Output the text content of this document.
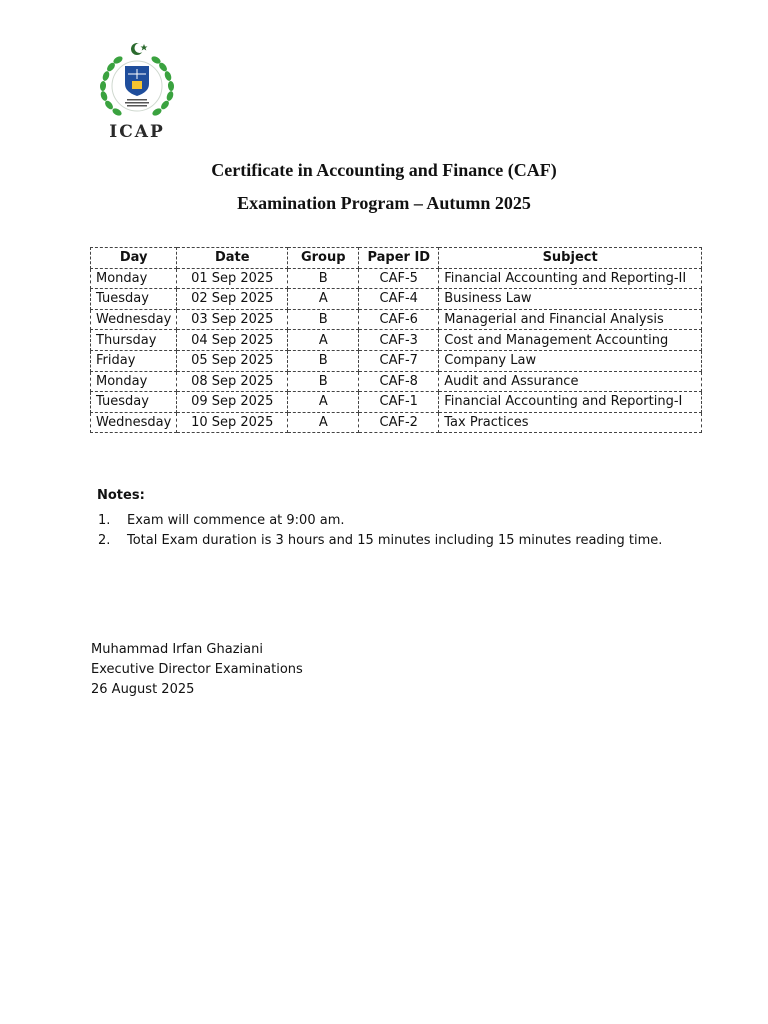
ICAP
Certificate in Accounting and Finance (CAF)
Examination Program – Autumn 2025
Day	Date	Group	Paper ID	Subject
Monday	01 Sep 2025	B	CAF-5	Financial Accounting and Reporting-II
Tuesday	02 Sep 2025	A	CAF-4	Business Law
Wednesday	03 Sep 2025	B	CAF-6	Managerial and Financial Analysis
Thursday	04 Sep 2025	A	CAF-3	Cost and Management Accounting
Friday	05 Sep 2025	B	CAF-7	Company Law
Monday	08 Sep 2025	B	CAF-8	Audit and Assurance
Tuesday	09 Sep 2025	A	CAF-1	Financial Accounting and Reporting-I
Wednesday	10 Sep 2025	A	CAF-2	Tax Practices
Notes:
1.	Exam will commence at 9:00 am.
2.	Total Exam duration is 3 hours and 15 minutes including 15 minutes reading time.
Muhammad Irfan Ghaziani
Executive Director Examinations
26 August 2025
